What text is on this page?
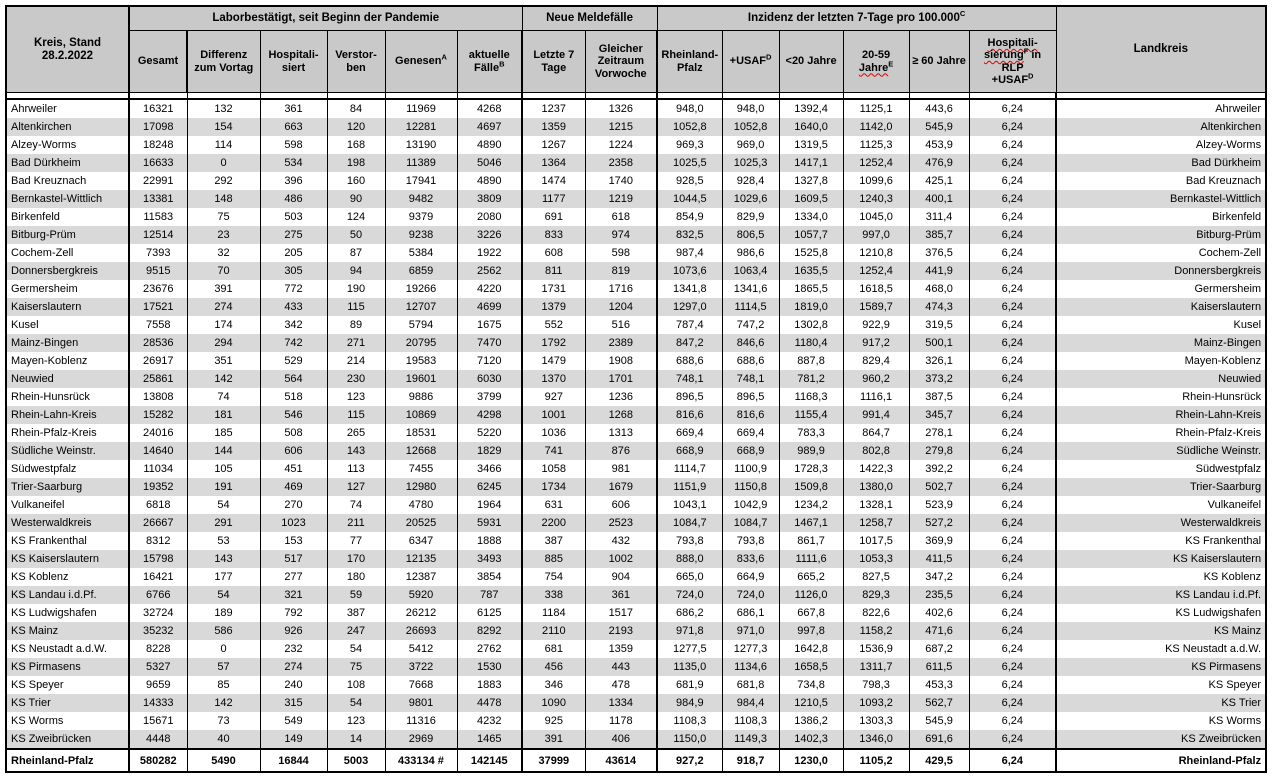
Kreis, Stand
28.2.2022	Laborbestätigt, seit Beginn der Pandemie						Neue Meldefälle		Inzidenz der letzten 7-Tage pro $100.000^C$						Landkreis
	Gesamt	Differenz zum Vortag	Hospitali-siert	Verstor-ben	Genesen$^A$	aktuelle Fälle$^B$	Letzte 7 Tage	Gleicher Zeitraum Vorwoche	Rheinland-Pfalz	$+USAF^D$	<20 Jahre	20-59 Jahre$^E$	≥ 60 Jahre	Hospitali-
sierung$^F$ in RLP
$+USAF^D$

Ahrweiler	16321	132	361	84	11969	4268	1237	1326	948,0	948,0	1392,4	1125,1	443,6	6,24	Ahrweiler
Altenkirchen	17098	154	663	120	12281	4697	1359	1215	1052,8	1052,8	1640,0	1142,0	545,9	6,24	Altenkirchen
Alzey-Worms	18248	114	598	168	13190	4890	1267	1224	969,3	969,0	1319,5	1125,3	453,9	6,24	Alzey-Worms
Bad Dürkheim	16633	0	534	198	11389	5046	1364	2358	1025,5	1025,3	1417,1	1252,4	476,9	6,24	Bad Dürkheim
Bad Kreuznach	22991	292	396	160	17941	4890	1474	1740	928,5	928,4	1327,8	1099,6	425,1	6,24	Bad Kreuznach
Bernkastel-Wittlich	13381	148	486	90	9482	3809	1177	1219	1044,5	1029,6	1609,5	1240,3	400,1	6,24	Bernkastel-Wittlich
Birkenfeld	11583	75	503	124	9379	2080	691	618	854,9	829,9	1334,0	1045,0	311,4	6,24	Birkenfeld
Bitburg-Prüm	12514	23	275	50	9238	3226	833	974	832,5	806,5	1057,7	997,0	385,7	6,24	Bitburg-Prüm
Cochem-Zell	7393	32	205	87	5384	1922	608	598	987,4	986,6	1525,8	1210,8	376,5	6,24	Cochem-Zell
Donnersbergkreis	9515	70	305	94	6859	2562	811	819	1073,6	1063,4	1635,5	1252,4	441,9	6,24	Donnersbergkreis
Germersheim	23676	391	772	190	19266	4220	1731	1716	1341,8	1341,6	1865,5	1618,5	468,0	6,24	Germersheim
Kaiserslautern	17521	274	433	115	12707	4699	1379	1204	1297,0	1114,5	1819,0	1589,7	474,3	6,24	Kaiserslautern
Kusel	7558	174	342	89	5794	1675	552	516	787,4	747,2	1302,8	922,9	319,5	6,24	Kusel
Mainz-Bingen	28536	294	742	271	20795	7470	1792	2389	847,2	846,6	1180,4	917,2	500,1	6,24	Mainz-Bingen
Mayen-Koblenz	26917	351	529	214	19583	7120	1479	1908	688,6	688,6	887,8	829,4	326,1	6,24	Mayen-Koblenz
Neuwied	25861	142	564	230	19601	6030	1370	1701	748,1	748,1	781,2	960,2	373,2	6,24	Neuwied
Rhein-Hunsrück	13808	74	518	123	9886	3799	927	1236	896,5	896,5	1168,3	1116,1	387,5	6,24	Rhein-Hunsrück
Rhein-Lahn-Kreis	15282	181	546	115	10869	4298	1001	1268	816,6	816,6	1155,4	991,4	345,7	6,24	Rhein-Lahn-Kreis
Rhein-Pfalz-Kreis	24016	185	508	265	18531	5220	1036	1313	669,4	669,4	783,3	864,7	278,1	6,24	Rhein-Pfalz-Kreis
Südliche Weinstr.	14640	144	606	143	12668	1829	741	876	668,9	668,9	989,9	802,8	279,8	6,24	Südliche Weinstr.
Südwestpfalz	11034	105	451	113	7455	3466	1058	981	1114,7	1100,9	1728,3	1422,3	392,2	6,24	Südwestpfalz
Trier-Saarburg	19352	191	469	127	12980	6245	1734	1679	1151,9	1150,8	1509,8	1380,0	502,7	6,24	Trier-Saarburg
Vulkaneifel	6818	54	270	74	4780	1964	631	606	1043,1	1042,9	1234,2	1328,1	523,9	6,24	Vulkaneifel
Westerwaldkreis	26667	291	1023	211	20525	5931	2200	2523	1084,7	1084,7	1467,1	1258,7	527,2	6,24	Westerwaldkreis
KS Frankenthal	8312	53	153	77	6347	1888	387	432	793,8	793,8	861,7	1017,5	369,9	6,24	KS Frankenthal
KS Kaiserslautern	15798	143	517	170	12135	3493	885	1002	888,0	833,6	1111,6	1053,3	411,5	6,24	KS Kaiserslautern
KS Koblenz	16421	177	277	180	12387	3854	754	904	665,0	664,9	665,2	827,5	347,2	6,24	KS Koblenz
KS Landau i.d.Pf.	6766	54	321	59	5920	787	338	361	724,0	724,0	1126,0	829,3	235,5	6,24	KS Landau i.d.Pf.
KS Ludwigshafen	32724	189	792	387	26212	6125	1184	1517	686,2	686,1	667,8	822,6	402,6	6,24	KS Ludwigshafen
KS Mainz	35232	586	926	247	26693	8292	2110	2193	971,8	971,0	997,8	1158,2	471,6	6,24	KS Mainz
KS Neustadt a.d.W.	8228	0	232	54	5412	2762	681	1359	1277,5	1277,3	1642,8	1536,9	687,2	6,24	KS Neustadt a.d.W.
KS Pirmasens	5327	57	274	75	3722	1530	456	443	1135,0	1134,6	1658,5	1311,7	611,5	6,24	KS Pirmasens
KS Speyer	9659	85	240	108	7668	1883	346	478	681,9	681,8	734,8	798,3	453,3	6,24	KS Speyer
KS Trier	14333	142	315	54	9801	4478	1090	1334	984,9	984,4	1210,5	1093,2	562,7	6,24	KS Trier
KS Worms	15671	73	549	123	11316	4232	925	1178	1108,3	1108,3	1386,2	1303,3	545,9	6,24	KS Worms
KS Zweibrücken	4448	40	149	14	2969	1465	391	406	1150,0	1149,3	1402,3	1346,0	691,6	6,24	KS Zweibrücken
Rheinland-Pfalz	580282	5490	16844	5003	433134 #	142145	37999	43614	927,2	918,7	1230,0	1105,2	429,5	6,24	Rheinland-Pfalz
